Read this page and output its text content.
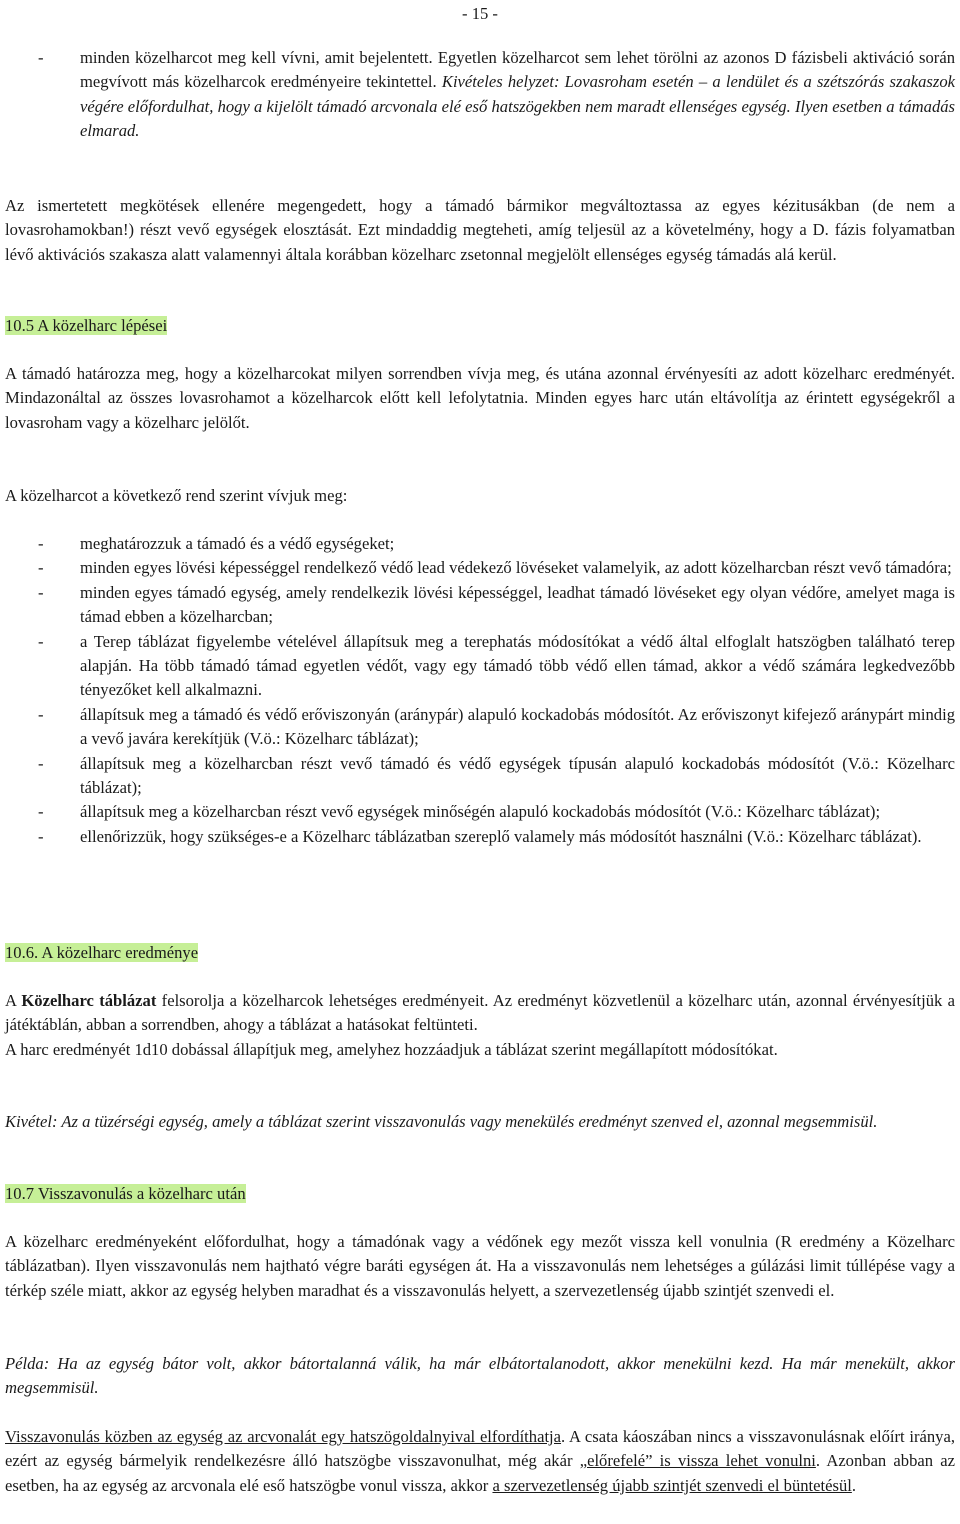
- 15 -
- minden közelharcot meg kell vívni, amit bejelentett. Egyetlen közelharcot sem lehet törölni az azonos D fázisbeli aktiváció során megvívott más közelharcok eredményeire tekintettel. Kivételes helyzet: Lovasroham esetén – a lendület és a szétszórás szakaszok végére előfordulhat, hogy a kijelölt támadó arcvonala elé eső hatszögekben nem maradt ellenséges egység. Ilyen esetben a támadás elmarad.

Az ismertetett megkötések ellenére megengedett, hogy a támadó bármikor megváltoztassa az egyes kézitusákban (de nem a lovasrohamokban!) részt vevő egységek elosztását. Ezt mindaddig megteheti, amíg teljesül az a követelmény, hogy a D. fázis folyamatban lévő aktivációs szakasza alatt valamennyi általa korábban közelharc zsetonnal megjelölt ellenséges egység támadás alá kerül.

10.5 A közelharc lépései

A támadó határozza meg, hogy a közelharcokat milyen sorrendben vívja meg, és utána azonnal érvényesíti az adott közelharc eredményét. Mindazonáltal az összes lovasrohamot a közelharcok előtt kell lefolytatnia. Minden egyes harc után eltávolítja az érintett egységekről a lovasroham vagy a közelharc jelölőt.

A közelharcot a következő rend szerint vívjuk meg:

- meghatározzuk a támadó és a védő egységeket;
- minden egyes lövési képességgel rendelkező védő lead védekező lövéseket valamelyik, az adott közelharcban részt vevő támadóra;
- minden egyes támadó egység, amely rendelkezik lövési képességgel, leadhat támadó lövéseket egy olyan védőre, amelyet maga is támad ebben a közelharcban;
- a Terep táblázat figyelembe vételével állapítsuk meg a terephatás módosítókat a védő által elfoglalt hatszögben található terep alapján. Ha több támadó támad egyetlen védőt, vagy egy támadó több védő ellen támad, akkor a védő számára legkedvezőbb tényezőket kell alkalmazni.
- állapítsuk meg a támadó és védő erőviszonyán (aránypár) alapuló kockadobás módosítót. Az erőviszonyt kifejező aránypárt mindig a vevő javára kerekítjük (V.ö.: Közelharc táblázat);
- állapítsuk meg a közelharcban részt vevő támadó és védő egységek típusán alapuló kockadobás módosítót (V.ö.: Közelharc táblázat);
- állapítsuk meg a közelharcban részt vevő egységek minőségén alapuló kockadobás módosítót (V.ö.: Közelharc táblázat);
- ellenőrizzük, hogy szükséges-e a Közelharc táblázatban szereplő valamely más módosítót használni (V.ö.: Közelharc táblázat).

10.6. A közelharc eredménye

A Közelharc táblázat felsorolja a közelharcok lehetséges eredményeit. Az eredményt közvetlenül a közelharc után, azonnal érvényesítjük a játéktáblán, abban a sorrendben, ahogy a táblázat a hatásokat feltünteti.

A harc eredményét 1d10 dobással állapítjuk meg, amelyhez hozzáadjuk a táblázat szerint megállapított módosítókat.

Kivétel: Az a tüzérségi egység, amely a táblázat szerint visszavonulás vagy menekülés eredményt szenved el, azonnal megsemmisül.

10.7 Visszavonulás a közelharc után

A közelharc eredményeként előfordulhat, hogy a támadónak vagy a védőnek egy mezőt vissza kell vonulnia (R eredmény a Közelharc táblázatban). Ilyen visszavonulás nem hajtható végre baráti egységen át. Ha a visszavonulás nem lehetséges a gúlázási limit túllépése vagy a térkép széle miatt, akkor az egység helyben maradhat és a visszavonulás helyett, a szervezetlenség újabb szintjét szenvedi el.

Példa: Ha az egység bátor volt, akkor bátortalanná válik, ha már elbátortalanodott, akkor menekülni kezd. Ha már menekült, akkor megsemmisül.

Visszavonulás közben az egység az arcvonalát egy hatszögoldalnyival elfordíthatja. A csata káoszában nincs a visszavonulásnak előírt iránya, ezért az egység bármelyik rendelkezésre álló hatszögbe visszavonulhat, még akár „előrefelé” is vissza lehet vonulni. Azonban abban az esetben, ha az egység az arcvonala elé eső hatszögbe vonul vissza, akkor a szervezetlenség újabb szintjét szenvedi el büntetésül.
